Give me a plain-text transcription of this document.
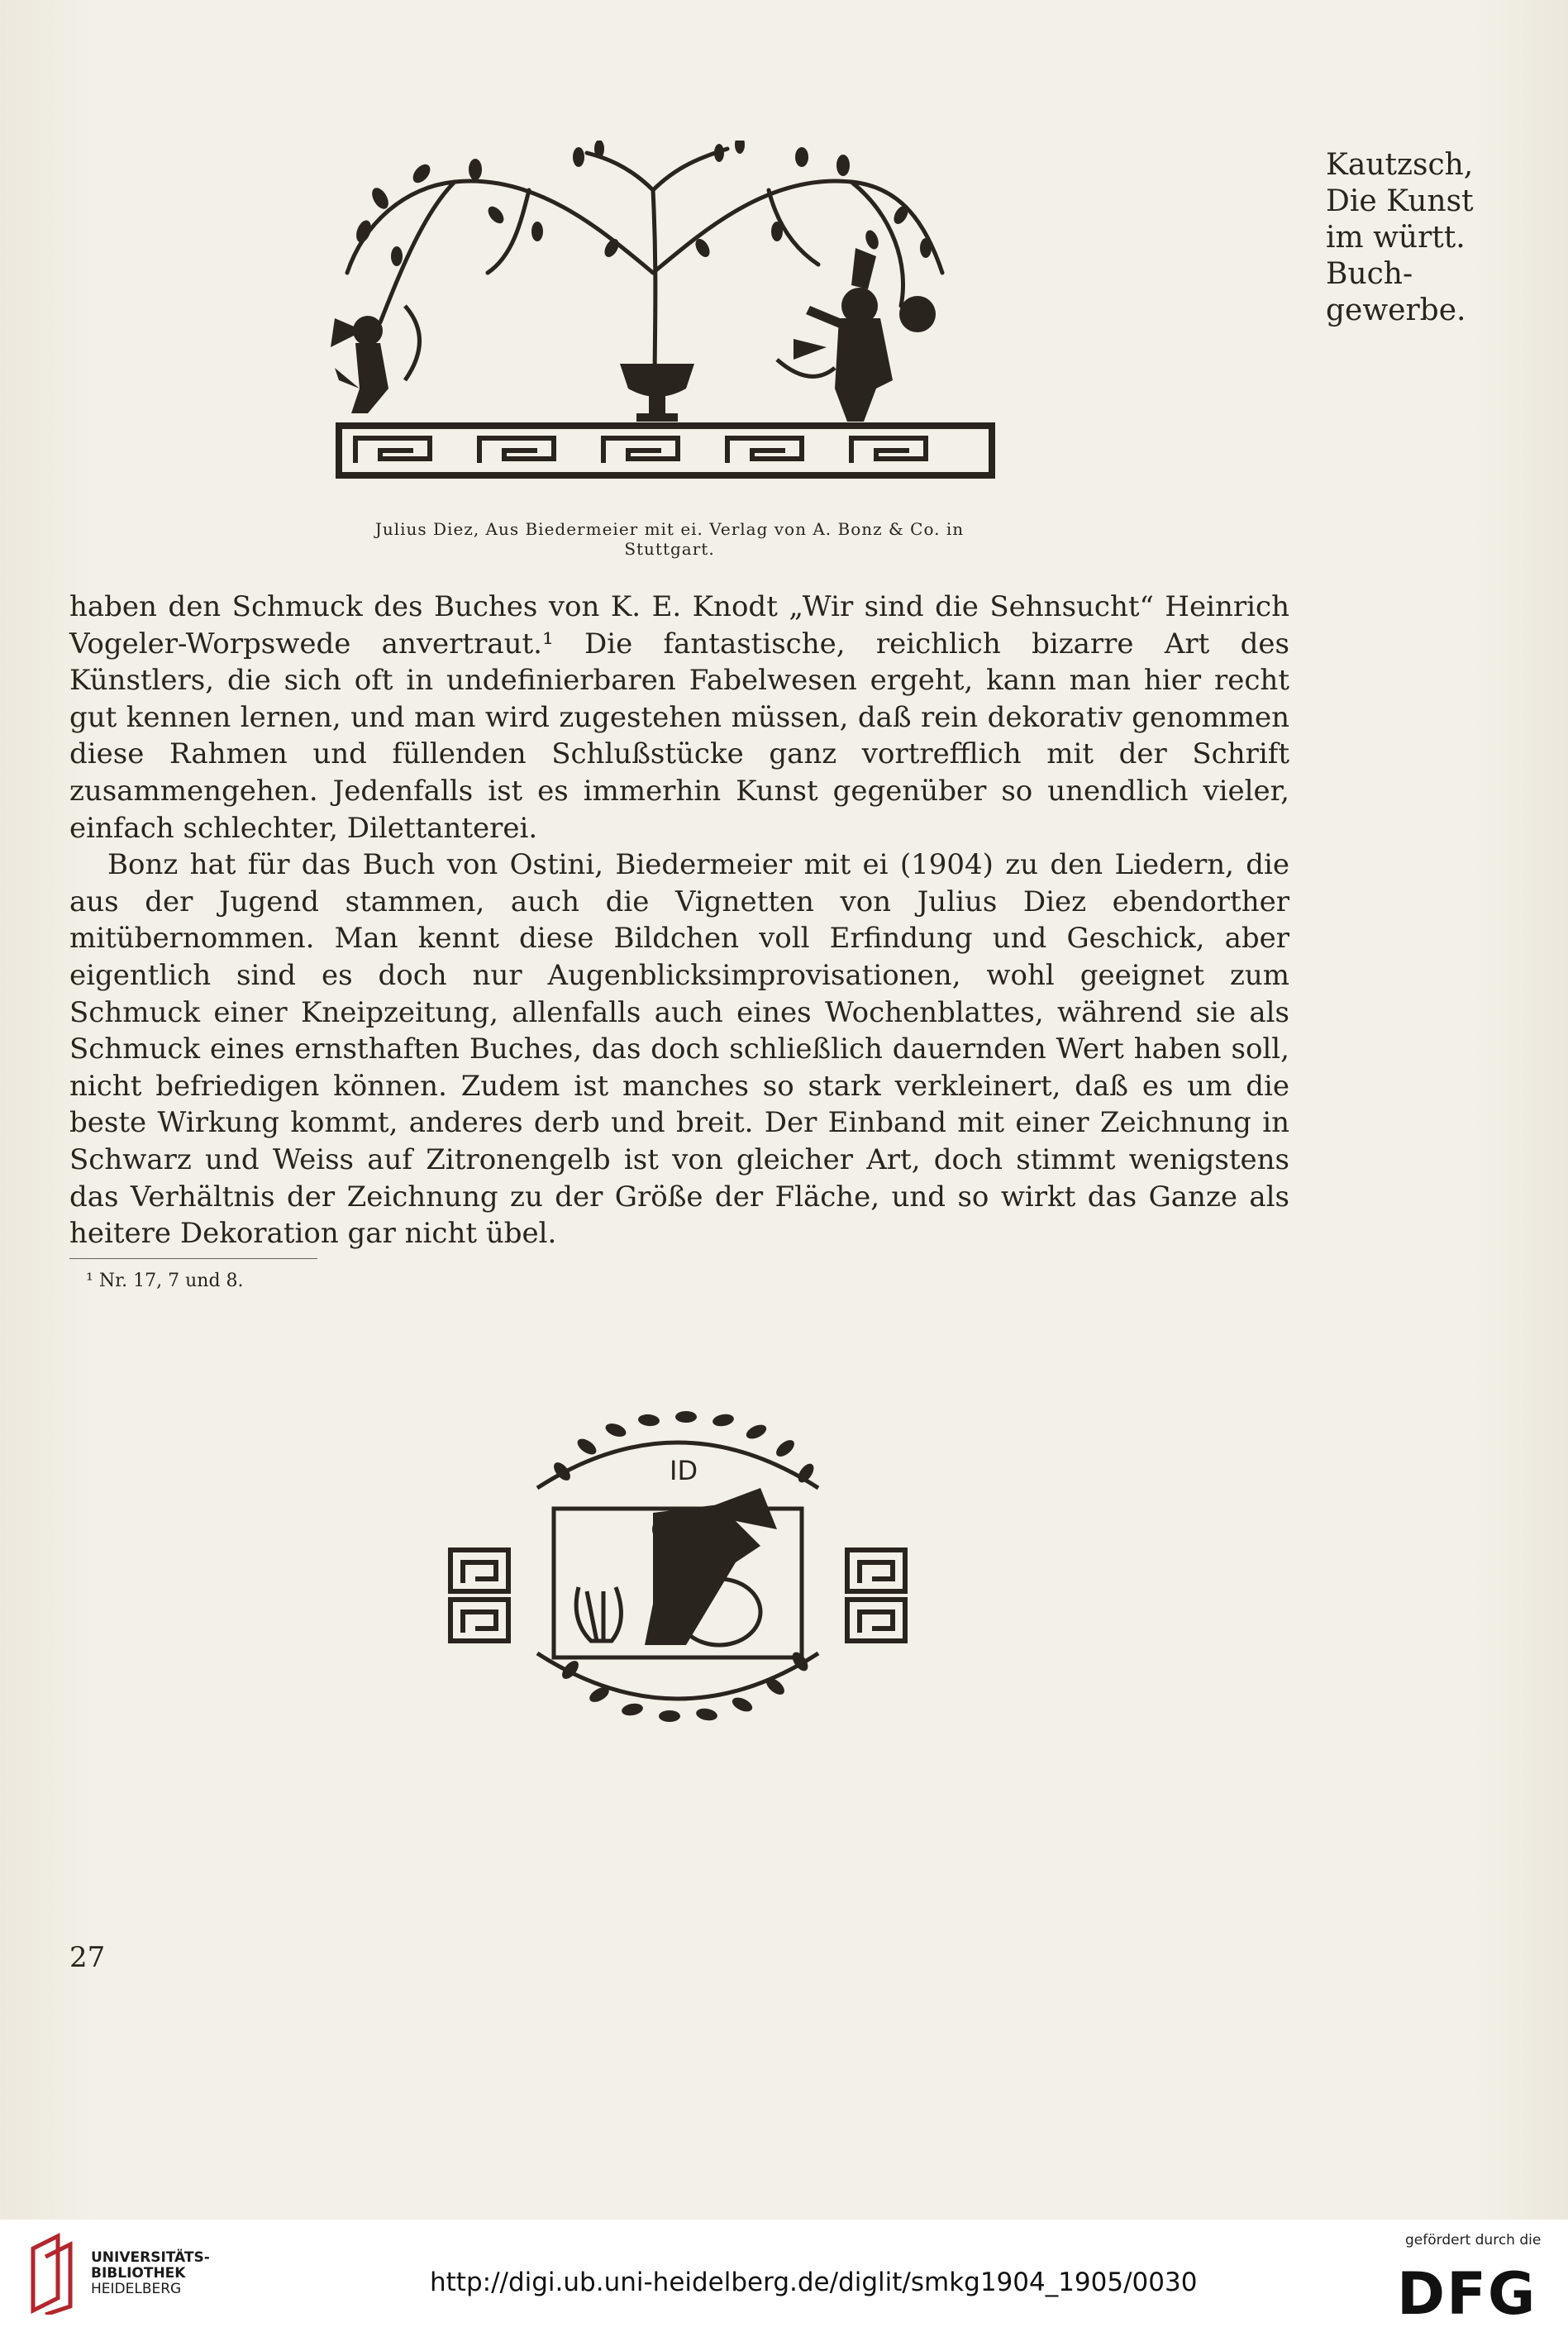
Kautzsch,
Die Kunst
im württ.
Buch-
gewerbe.
Julius Diez, Aus Biedermeier mit ei. Verlag von A. Bonz & Co. in
Stuttgart.

haben den Schmuck des Buches von K. E. Knodt „Wir sind die Sehnsucht“ Heinrich Vogeler-Worpswede anvertraut.¹ Die fantastische, reichlich bizarre Art des Künstlers, die sich oft in undefinierbaren Fabelwesen ergeht, kann man hier recht gut kennen lernen, und man wird zugestehen müssen, daß rein dekorativ genommen diese Rahmen und füllenden Schlußstücke ganz vortrefflich mit der Schrift zusammengehen. Jedenfalls ist es immerhin Kunst gegenüber so unendlich vieler, einfach schlechter, Dilettanterei.

Bonz hat für das Buch von Ostini, Biedermeier mit ei (1904) zu den Liedern, die aus der Jugend stammen, auch die Vignetten von Julius Diez ebendorther mitübernommen. Man kennt diese Bildchen voll Erfindung und Geschick, aber eigentlich sind es doch nur Augenblicksimprovisationen, wohl geeignet zum Schmuck einer Kneipzeitung, allenfalls auch eines Wochenblattes, während sie als Schmuck eines ernsthaften Buches, das doch schließlich dauernden Wert haben soll, nicht befriedigen können. Zudem ist manches so stark verkleinert, daß es um die beste Wirkung kommt, anderes derb und breit. Der Einband mit einer Zeichnung in Schwarz und Weiss auf Zitronengelb ist von gleicher Art, doch stimmt wenigstens das Verhältnis der Zeichnung zu der Größe der Fläche, und so wirkt das Ganze als heitere Dekoration gar nicht übel.

¹ Nr. 17, 7 und 8.
ID
27
UNIVERSITÄTS-
BIBLIOTHEK
HEIDELBERG	http://digi.ub.uni-heidelberg.de/diglit/smkg1904_1905/0030
gefördert durch die
DFG
